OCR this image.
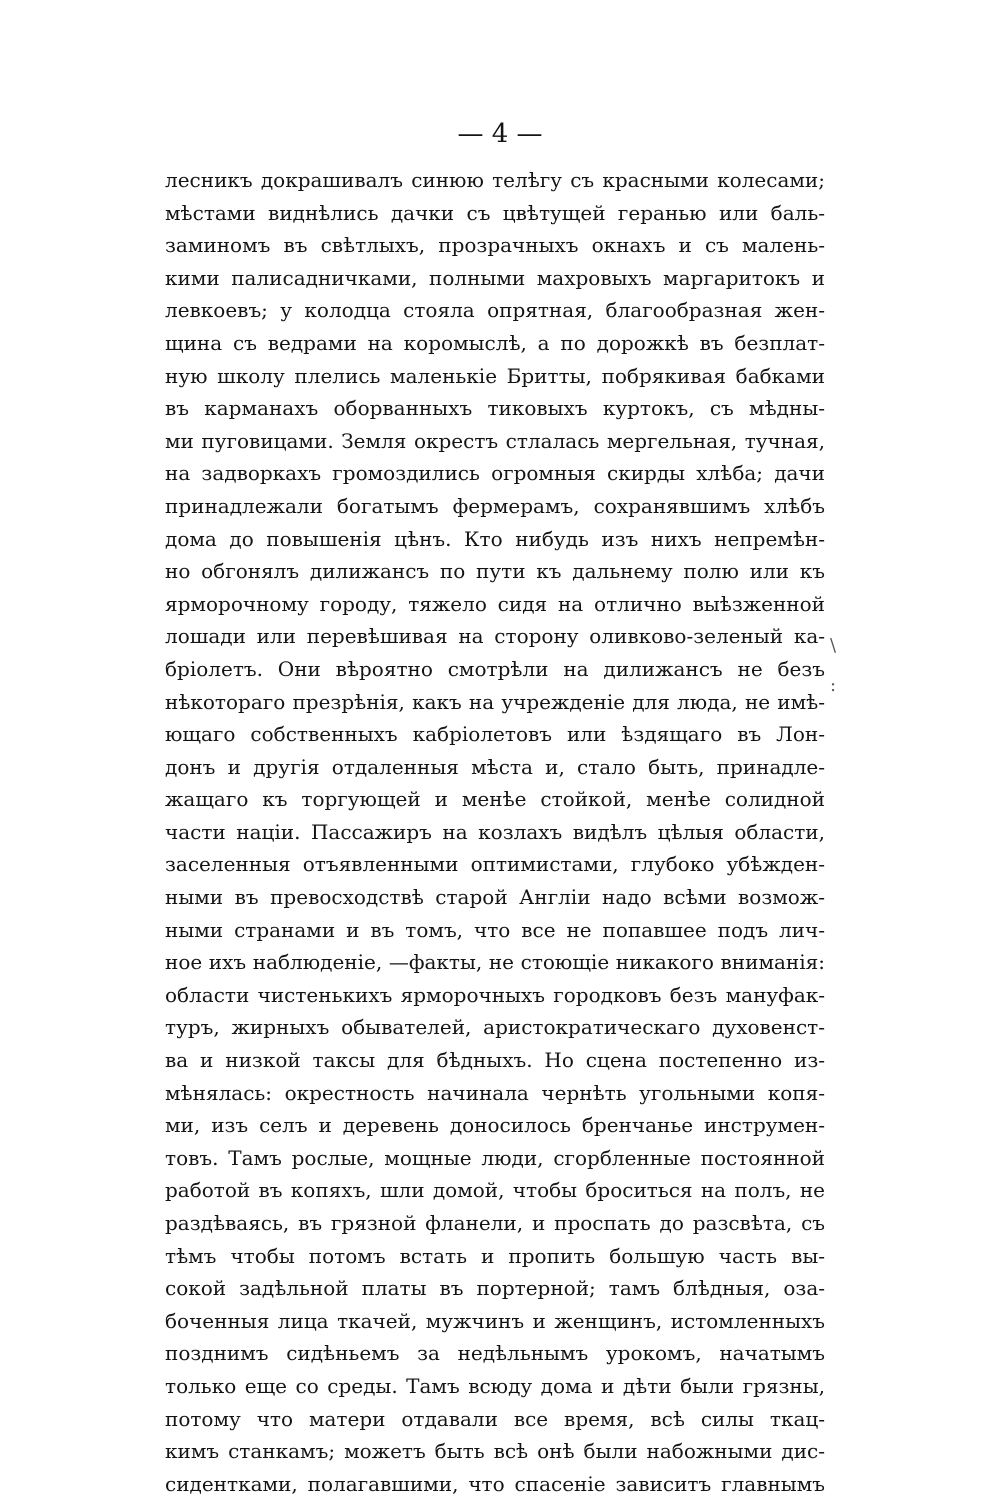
— 4 —
лесникъ докрашивалъ синюю телѣгу съ красными колесами;
мѣстами виднѣлись дачки съ цвѣтущей геранью или баль-
заминомъ въ свѣтлыхъ, прозрачныхъ окнахъ и съ малень-
кими палисадничками, полными махровыхъ маргаритокъ и
левкоевъ; у колодца стояла опрятная, благообразная жен-
щина съ ведрами на коромыслѣ, а по дорожкѣ въ безплат-
ную школу плелись маленькіе Бритты, побрякивая бабками
въ карманахъ оборванныхъ тиковыхъ куртокъ, съ мѣдны-
ми пуговицами. Земля окрестъ стлалась мергельная, тучная,
на задворкахъ громоздились огромныя скирды хлѣба; дачи
принадлежали богатымъ фермерамъ, сохранявшимъ хлѣбъ
дома до повышенія цѣнъ. Кто нибудь изъ нихъ непремѣн-
но обгонялъ дилижансъ по пути къ дальнему полю или къ
ярморочному городу, тяжело сидя на отлично выѣзженной
лошади или перевѣшивая на сторону оливково-зеленый ка-
бріолетъ. Они вѣроятно смотрѣли на дилижансъ не безъ
нѣкотораго презрѣнія, какъ на учрежденіе для люда, не имѣ-
ющаго собственныхъ кабріолетовъ или ѣздящаго въ Лон-
донъ и другія отдаленныя мѣста и, стало быть, принадле-
жащаго къ торгующей и менѣе стойкой, менѣе солидной
части націи. Пассажиръ на козлахъ видѣлъ цѣлыя области,
заселенныя отъявленными оптимистами, глубоко убѣжден-
ными въ превосходствѣ старой Англіи надо всѣми возмож-
ными странами и въ томъ, что все не попавшее подъ лич-
ное ихъ наблюденіе, —факты, не стоющіе никакого вниманія:
области чистенькихъ ярморочныхъ городковъ безъ мануфак-
туръ, жирныхъ обывателей, аристократическаго духовенст-
ва и низкой таксы для бѣдныхъ. Но сцена постепенно из-
мѣнялась: окрестность начинала чернѣть угольными копя-
ми, изъ селъ и деревень доносилось бренчанье инструмен-
товъ. Тамъ рослые, мощные люди, сгорбленные постоянной
работой въ копяхъ, шли домой, чтобы броситься на полъ, не
раздѣваясь, въ грязной фланели, и проспать до разсвѣта, съ
тѣмъ чтобы потомъ встать и пропить большую часть вы-
сокой задѣльной платы въ портерной; тамъ блѣдныя, оза-
боченныя лица ткачей, мужчинъ и женщинъ, истомленныхъ
позднимъ сидѣньемъ за недѣльнымъ урокомъ, начатымъ
только еще со среды. Тамъ всюду дома и дѣти были грязны,
потому что матери отдавали все время, всѣ силы ткац-
кимъ станкамъ; можетъ быть всѣ онѣ были набожными дис-
сидентками, полагавшими, что спасеніе зависитъ главнымъ
\
:
